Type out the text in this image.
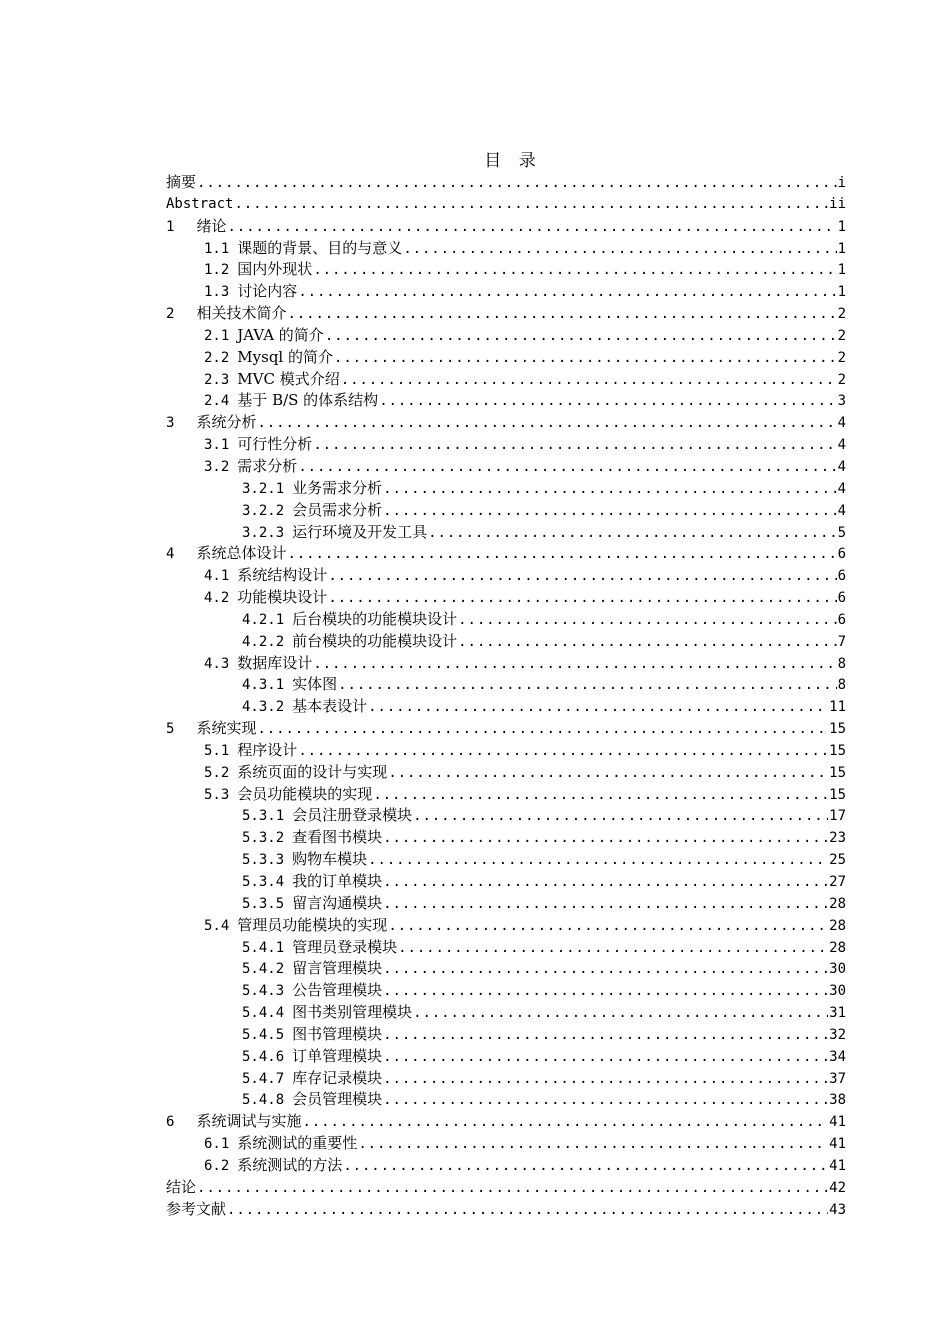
目 录
摘要 .....	i
Abstract .....	ii
1 绪论 .....	1
1.1 课题的背景、目的与意义 .....	1
1.2 国内外现状 .....	1
1.3 讨论内容 .....	1
2 相关技术简介 .....	2
2.1 JAVA 的简介 .....	2
2.2 Mysql 的简介 .....	2
2.3 MVC 模式介绍 .....	2
2.4 基于 B/S 的体系结构 .....	3
3 系统分析 .....	4
3.1 可行性分析 .....	4
3.2 需求分析 .....	4
3.2.1 业务需求分析 .....	4
3.2.2 会员需求分析 .....	4
3.2.3 运行环境及开发工具 .....	5
4 系统总体设计 .....	6
4.1 系统结构设计 .....	6
4.2 功能模块设计 .....	6
4.2.1 后台模块的功能模块设计 .....	6
4.2.2 前台模块的功能模块设计 .....	7
4.3 数据库设计 .....	8
4.3.1 实体图 .....	8
4.3.2 基本表设计 .....	11
5 系统实现 .....	15
5.1 程序设计 .....	15
5.2 系统页面的设计与实现 .....	15
5.3 会员功能模块的实现 .....	15
5.3.1 会员注册登录模块 .....	17
5.3.2 查看图书模块 .....	23
5.3.3 购物车模块 .....	25
5.3.4 我的订单模块 .....	27
5.3.5 留言沟通模块 .....	28
5.4 管理员功能模块的实现 .....	28
5.4.1 管理员登录模块 .....	28
5.4.2 留言管理模块 .....	30
5.4.3 公告管理模块 .....	30
5.4.4 图书类别管理模块 .....	31
5.4.5 图书管理模块 .....	32
5.4.6 订单管理模块 .....	34
5.4.7 库存记录模块 .....	37
5.4.8 会员管理模块 .....	38
6 系统调试与实施 .....	41
6.1 系统测试的重要性 .....	41
6.2 系统测试的方法 .....	41
结论 .....	42
参考文献 .....	43
